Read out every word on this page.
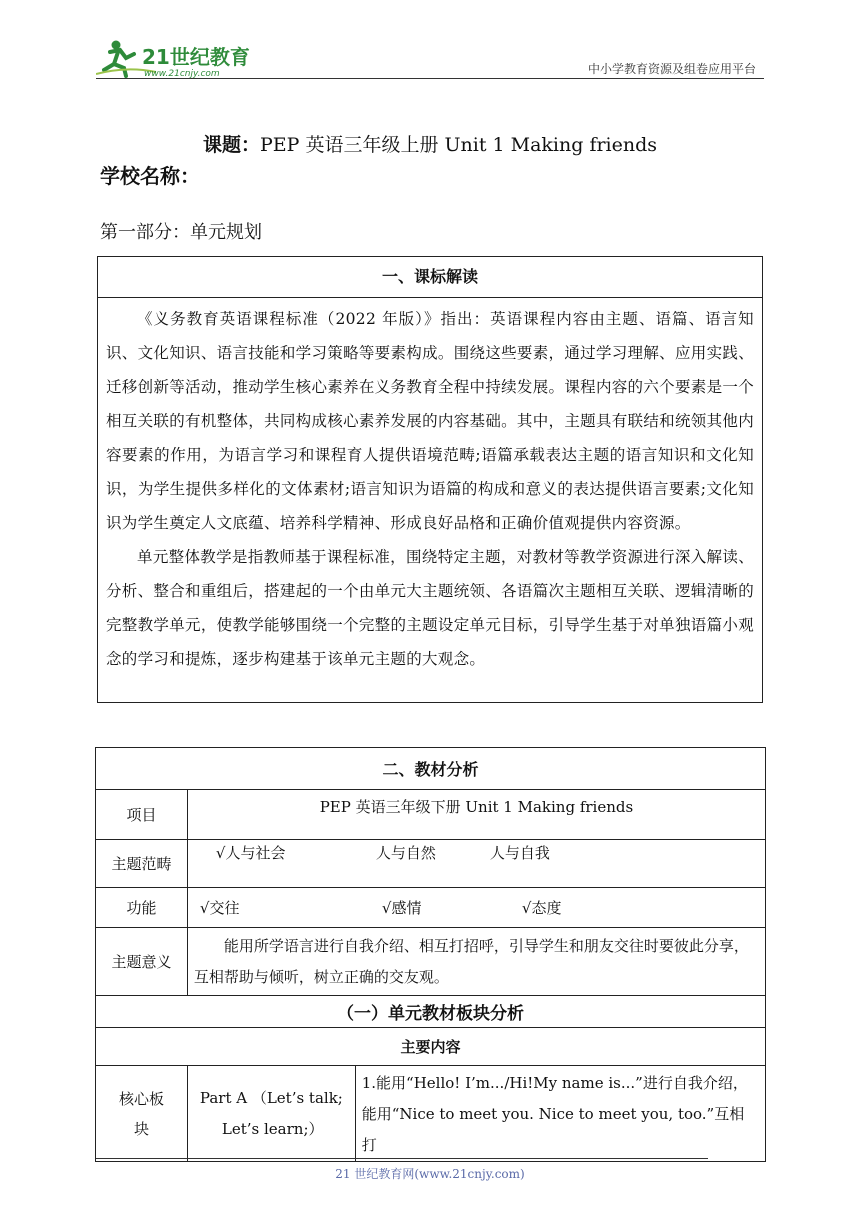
21世纪教育
www.21cnjy.com	中小学教育资源及组卷应用平台
课题：PEP 英语三年级上册 Unit 1 Making friends
学校名称：
第一部分：单元规划
一、课标解读

《义务教育英语课程标准（2022 年版）》指出：英语课程内容由主题、语篇、语言知识、文化知识、语言技能和学习策略等要素构成。围绕这些要素，通过学习理解、应用实践、迁移创新等活动，推动学生核心素养在义务教育全程中持续发展。课程内容的六个要素是一个相互关联的有机整体，共同构成核心素养发展的内容基础。其中，主题具有联结和统领其他内容要素的作用，为语言学习和课程育人提供语境范畴;语篇承载表达主题的语言知识和文化知识，为学生提供多样化的文体素材;语言知识为语篇的构成和意义的表达提供语言要素;文化知识为学生奠定人文底蕴、培养科学精神、形成良好品格和正确价值观提供内容资源。

单元整体教学是指教师基于课程标准，围绕特定主题，对教材等教学资源进行深入解读、分析、整合和重组后，搭建起的一个由单元大主题统领、各语篇次主题相互关联、逻辑清晰的完整教学单元，使教学能够围绕一个完整的主题设定单元目标，引导学生基于对单独语篇小观念的学习和提炼，逐步构建基于该单元主题的大观念。

二、教材分析		
项目	PEP 英语三年级下册 Unit 1 Making friends	
主题范畴	√人与社会 人与自然 人与自我	
功能	√交往 √感情 √态度	
主题意义	能用所学语言进行自我介绍、相互打招呼，引导学生和朋友交往时要彼此分享，互相帮助与倾听，树立正确的交友观。	
（一）单元教材板块分析		
主要内容		
核心板块	Part A （Let’s talk;
Let’s learn;）	1.能用“Hello! I’m.../Hi!My name is...”进行自我介绍，能用“Nice to meet you. Nice to meet you, too.”互相打
21 世纪教育网(www.21cnjy.com)
